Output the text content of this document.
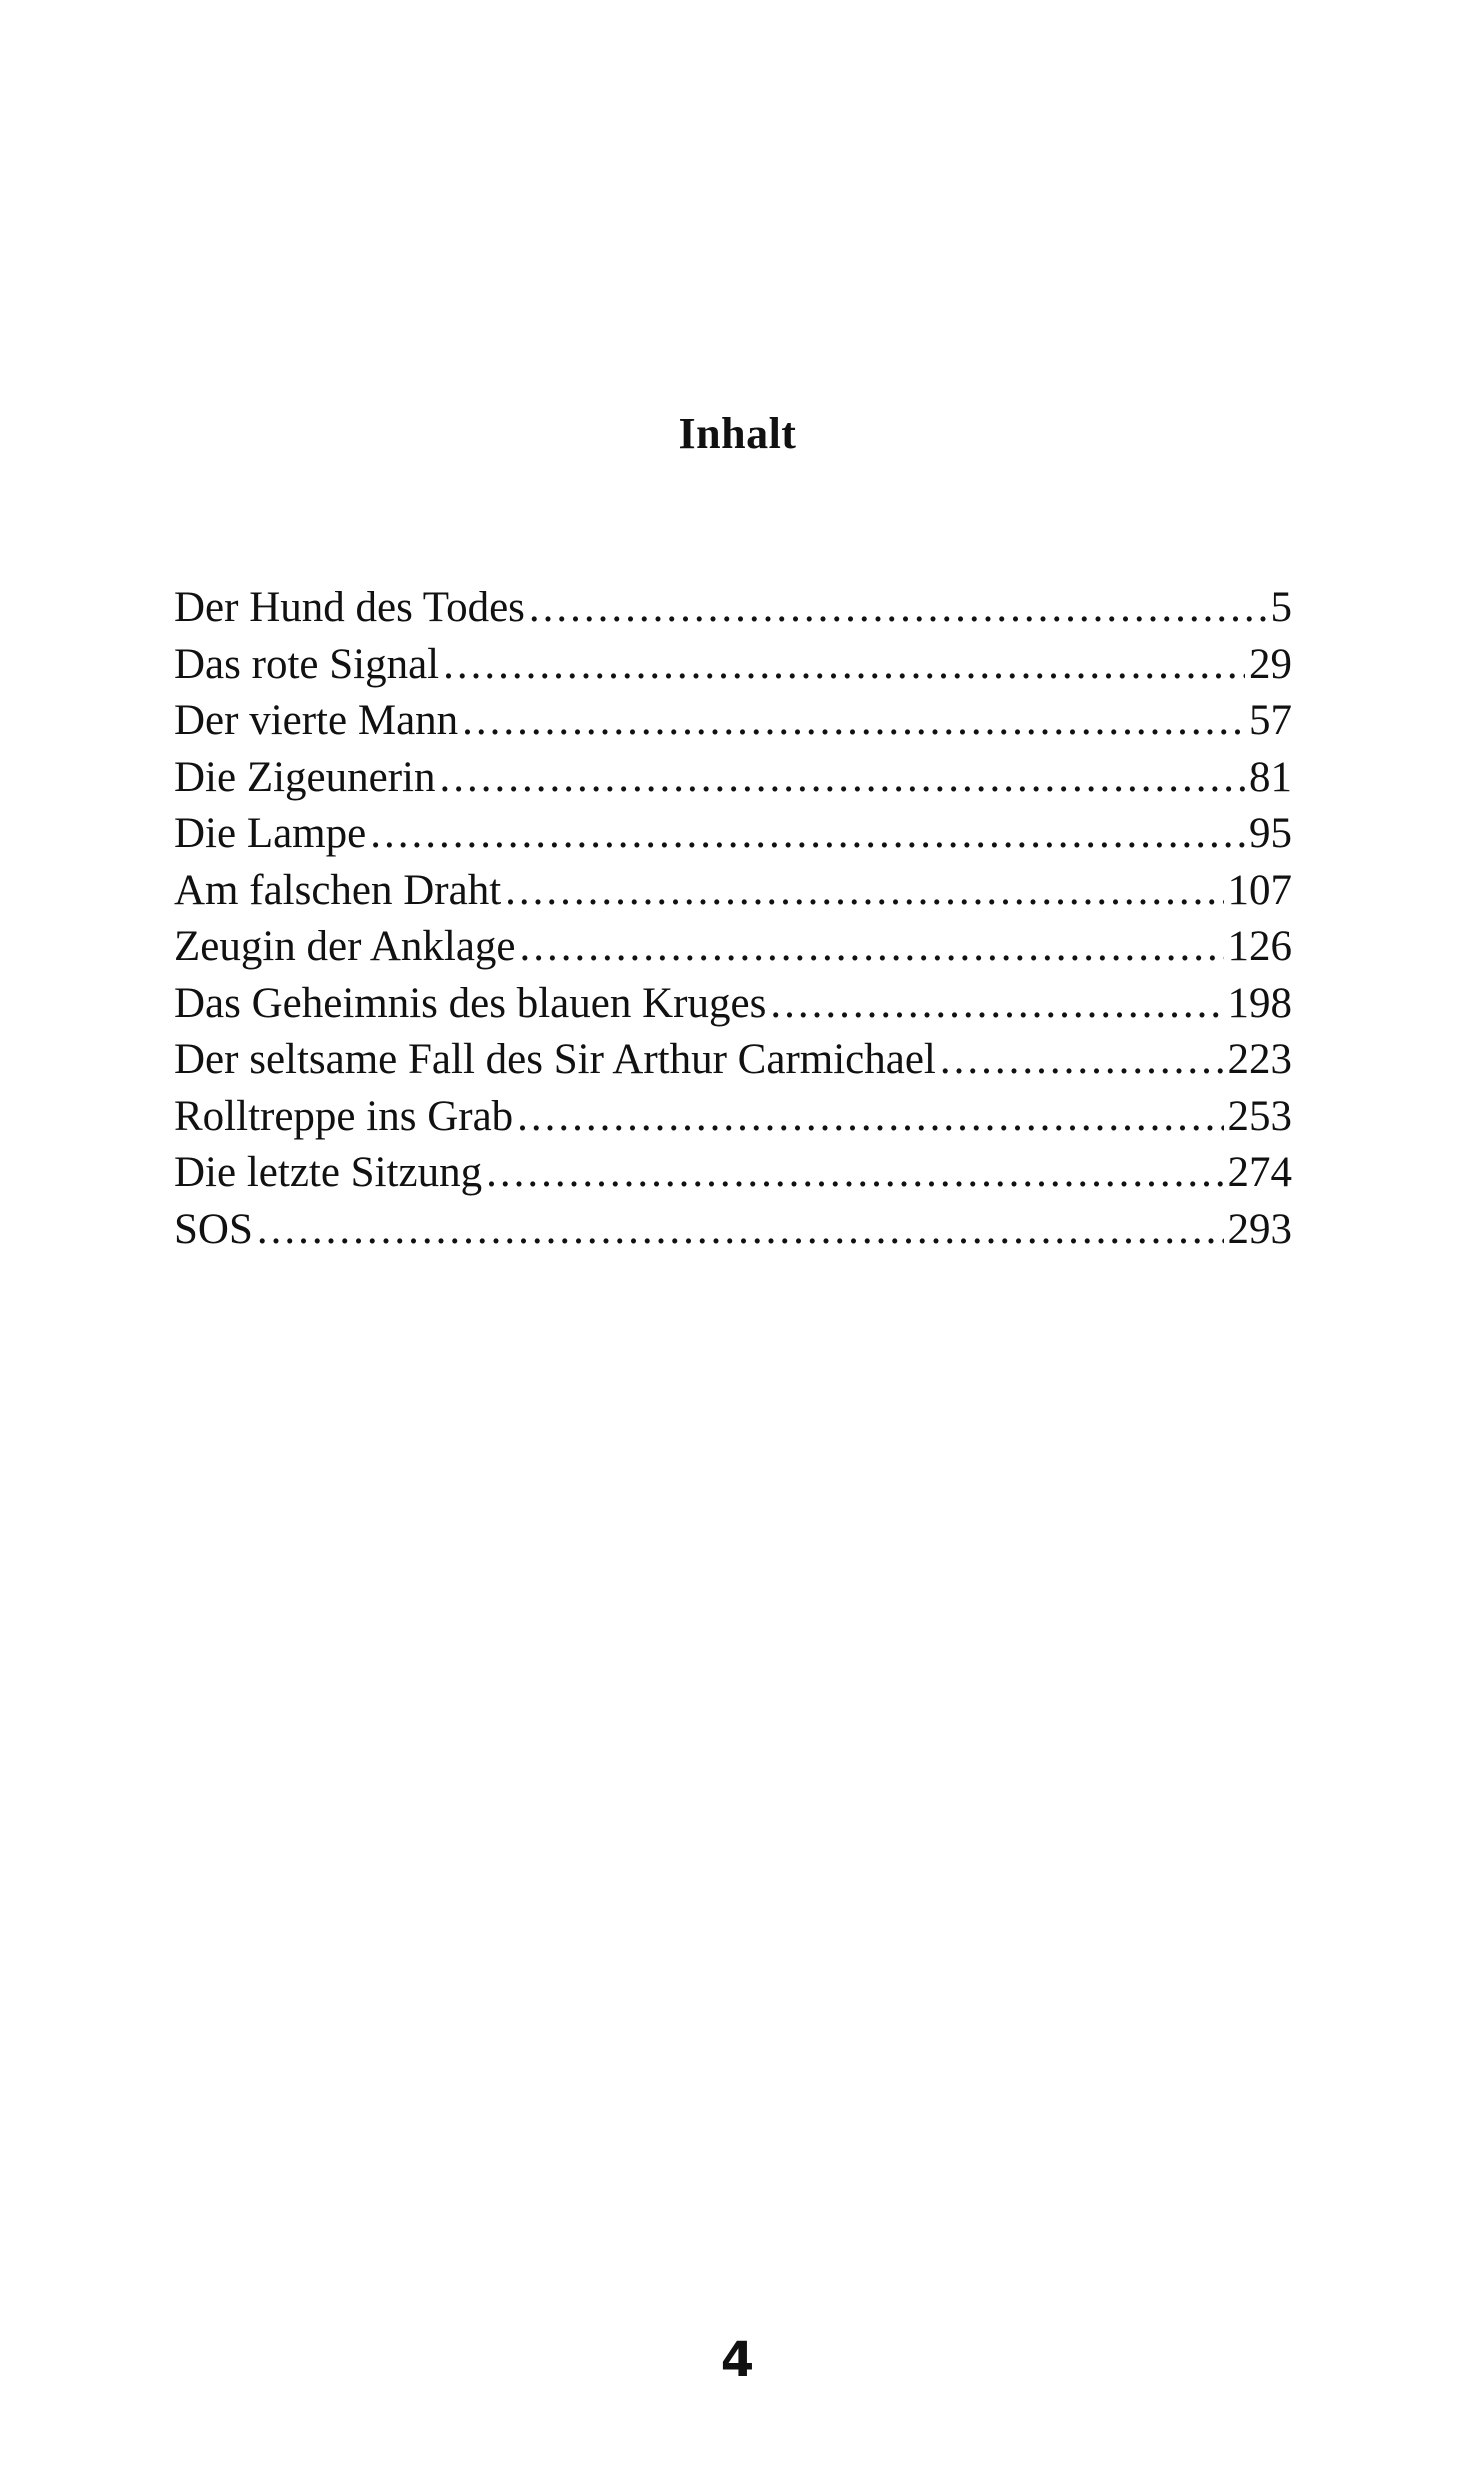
Inhalt
Der Hund des Todes .....	5
Das rote Signal .....	29
Der vierte Mann .....	57
Die Zigeunerin .....	81
Die Lampe .....	95
Am falschen Draht .....	107
Zeugin der Anklage .....	126
Das Geheimnis des blauen Kruges .....	198
Der seltsame Fall des Sir Arthur Carmichael .....	223
Rolltreppe ins Grab .....	253
Die letzte Sitzung .....	274
SOS .....	293
4
